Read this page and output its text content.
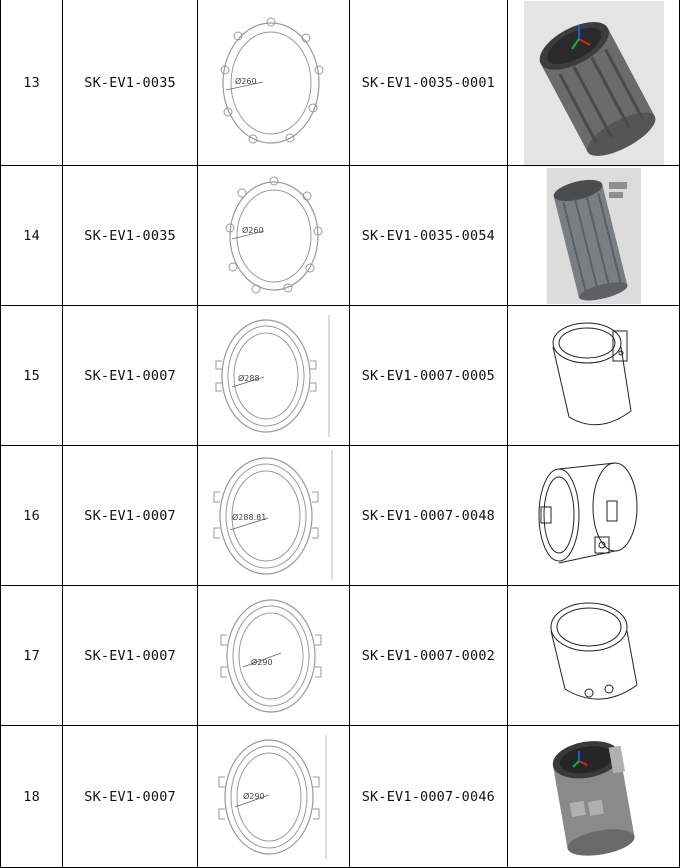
13	SK-EV1-0035	Ø260	SK-EV1-0035-0001	

14	SK-EV1-0035	Ø260	SK-EV1-0035-0054	

15	SK-EV1-0007	Ø288	SK-EV1-0007-0005	

16	SK-EV1-0007	Ø288.81	SK-EV1-0007-0048	

17	SK-EV1-0007	Ø290	SK-EV1-0007-0002	

18	SK-EV1-0007	Ø290	SK-EV1-0007-0046	
